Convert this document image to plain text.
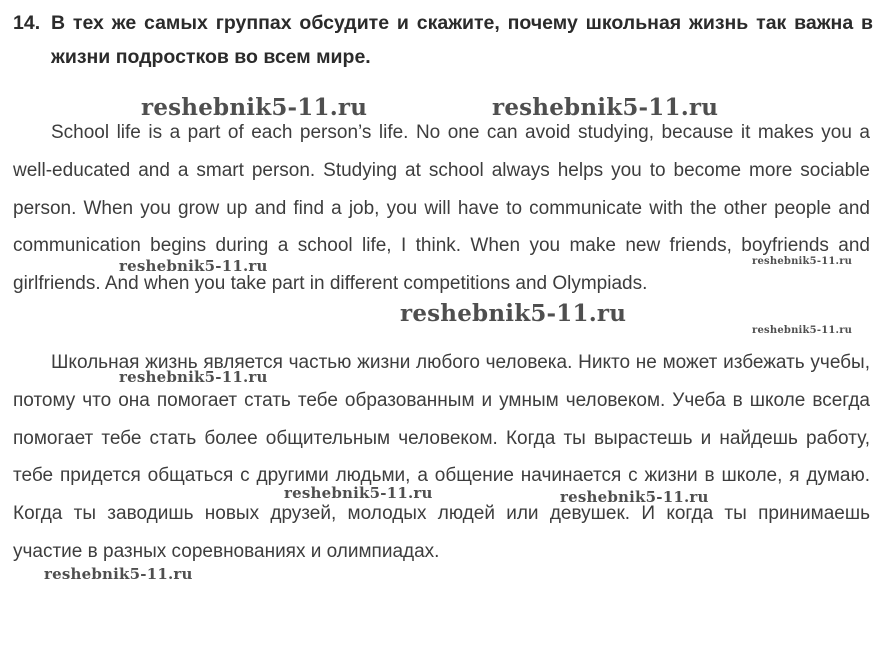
14. В тех же самых группах обсудите и скажите, почему школьная жизнь так важна в жизни подростков во всем мире.

School life is a part of each person’s life. No one can avoid studying, because it makes you a well-educated and a smart person. Studying at school always helps you to become more sociable person. When you grow up and find a job, you will have to communicate with the other people and communication begins during a school life, I think. When you make new friends, boyfriends and girlfriends. And when you take part in different competitions and Olympiads.

Школьная жизнь является частью жизни любого человека. Никто не может избежать учебы, потому что она помогает стать тебе образованным и умным человеком. Учеба в школе всегда помогает тебе стать более общительным человеком. Когда ты вырастешь и найдешь работу, тебе придется общаться с другими людьми, а общение начинается с жизни в школе, я думаю. Когда ты заводишь новых друзей, молодых людей или девушек. И когда ты принимаешь участие в разных соревнованиях и олимпиадах.

reshebnik5-11.ru	reshebnik5-11.ru
reshebnik5-11.ru	reshebnik5-11.ru
reshebnik5-11.ru
reshebnik5-11.ru
reshebnik5-11.ru
reshebnik5-11.ru	reshebnik5-11.ru
reshebnik5-11.ru
